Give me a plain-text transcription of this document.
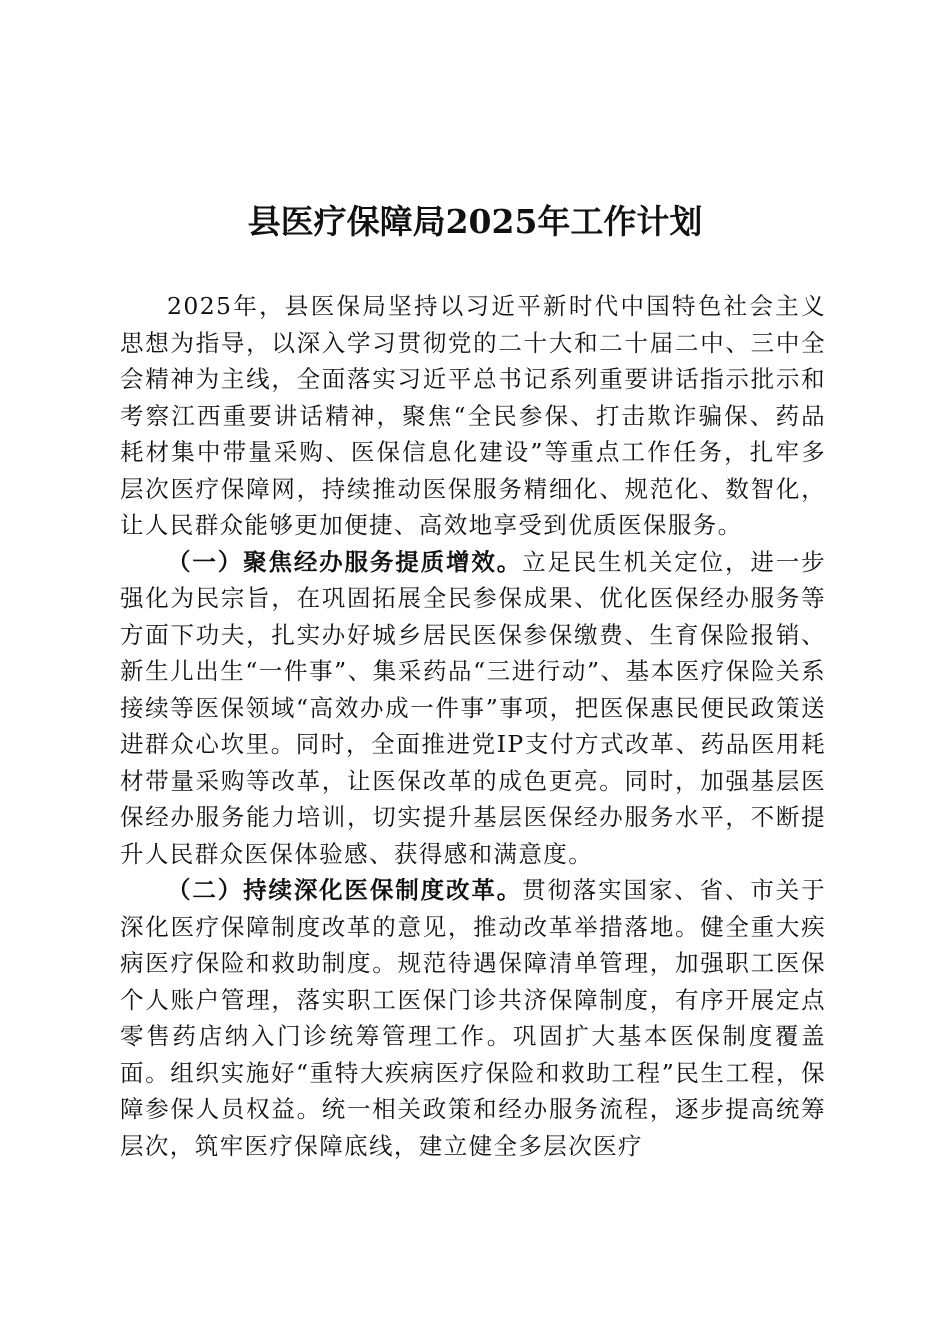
县医疗保障局2025年工作计划

2025年，县医保局坚持以习近平新时代中国特色社会主义思想为指导，以深入学习贯彻党的二十大和二十届二中、三中全会精神为主线，全面落实习近平总书记系列重要讲话指示批示和考察江西重要讲话精神，聚焦“全民参保、打击欺诈骗保、药品耗材集中带量采购、医保信息化建设”等重点工作任务，扎牢多层次医疗保障网，持续推动医保服务精细化、规范化、数智化，让人民群众能够更加便捷、高效地享受到优质医保服务。

（一）聚焦经办服务提质增效。立足民生机关定位，进一步强化为民宗旨，在巩固拓展全民参保成果、优化医保经办服务等方面下功夫，扎实办好城乡居民医保参保缴费、生育保险报销、新生儿出生“一件事”、集采药品“三进行动”、基本医疗保险关系接续等医保领域“高效办成一件事”事项，把医保惠民便民政策送进群众心坎里。同时，全面推进党IP支付方式改革、药品医用耗材带量采购等改革，让医保改革的成色更亮。同时，加强基层医保经办服务能力培训，切实提升基层医保经办服务水平，不断提升人民群众医保体验感、获得感和满意度。

（二）持续深化医保制度改革。贯彻落实国家、省、市关于深化医疗保障制度改革的意见，推动改革举措落地。健全重大疾病医疗保险和救助制度。规范待遇保障清单管理，加强职工医保个人账户管理，落实职工医保门诊共济保障制度，有序开展定点零售药店纳入门诊统筹管理工作。巩固扩大基本医保制度覆盖面。组织实施好“重特大疾病医疗保险和救助工程”民生工程，保障参保人员权益。统一相关政策和经办服务流程，逐步提高统筹层次，筑牢医疗保障底线，建立健全多层次医疗
